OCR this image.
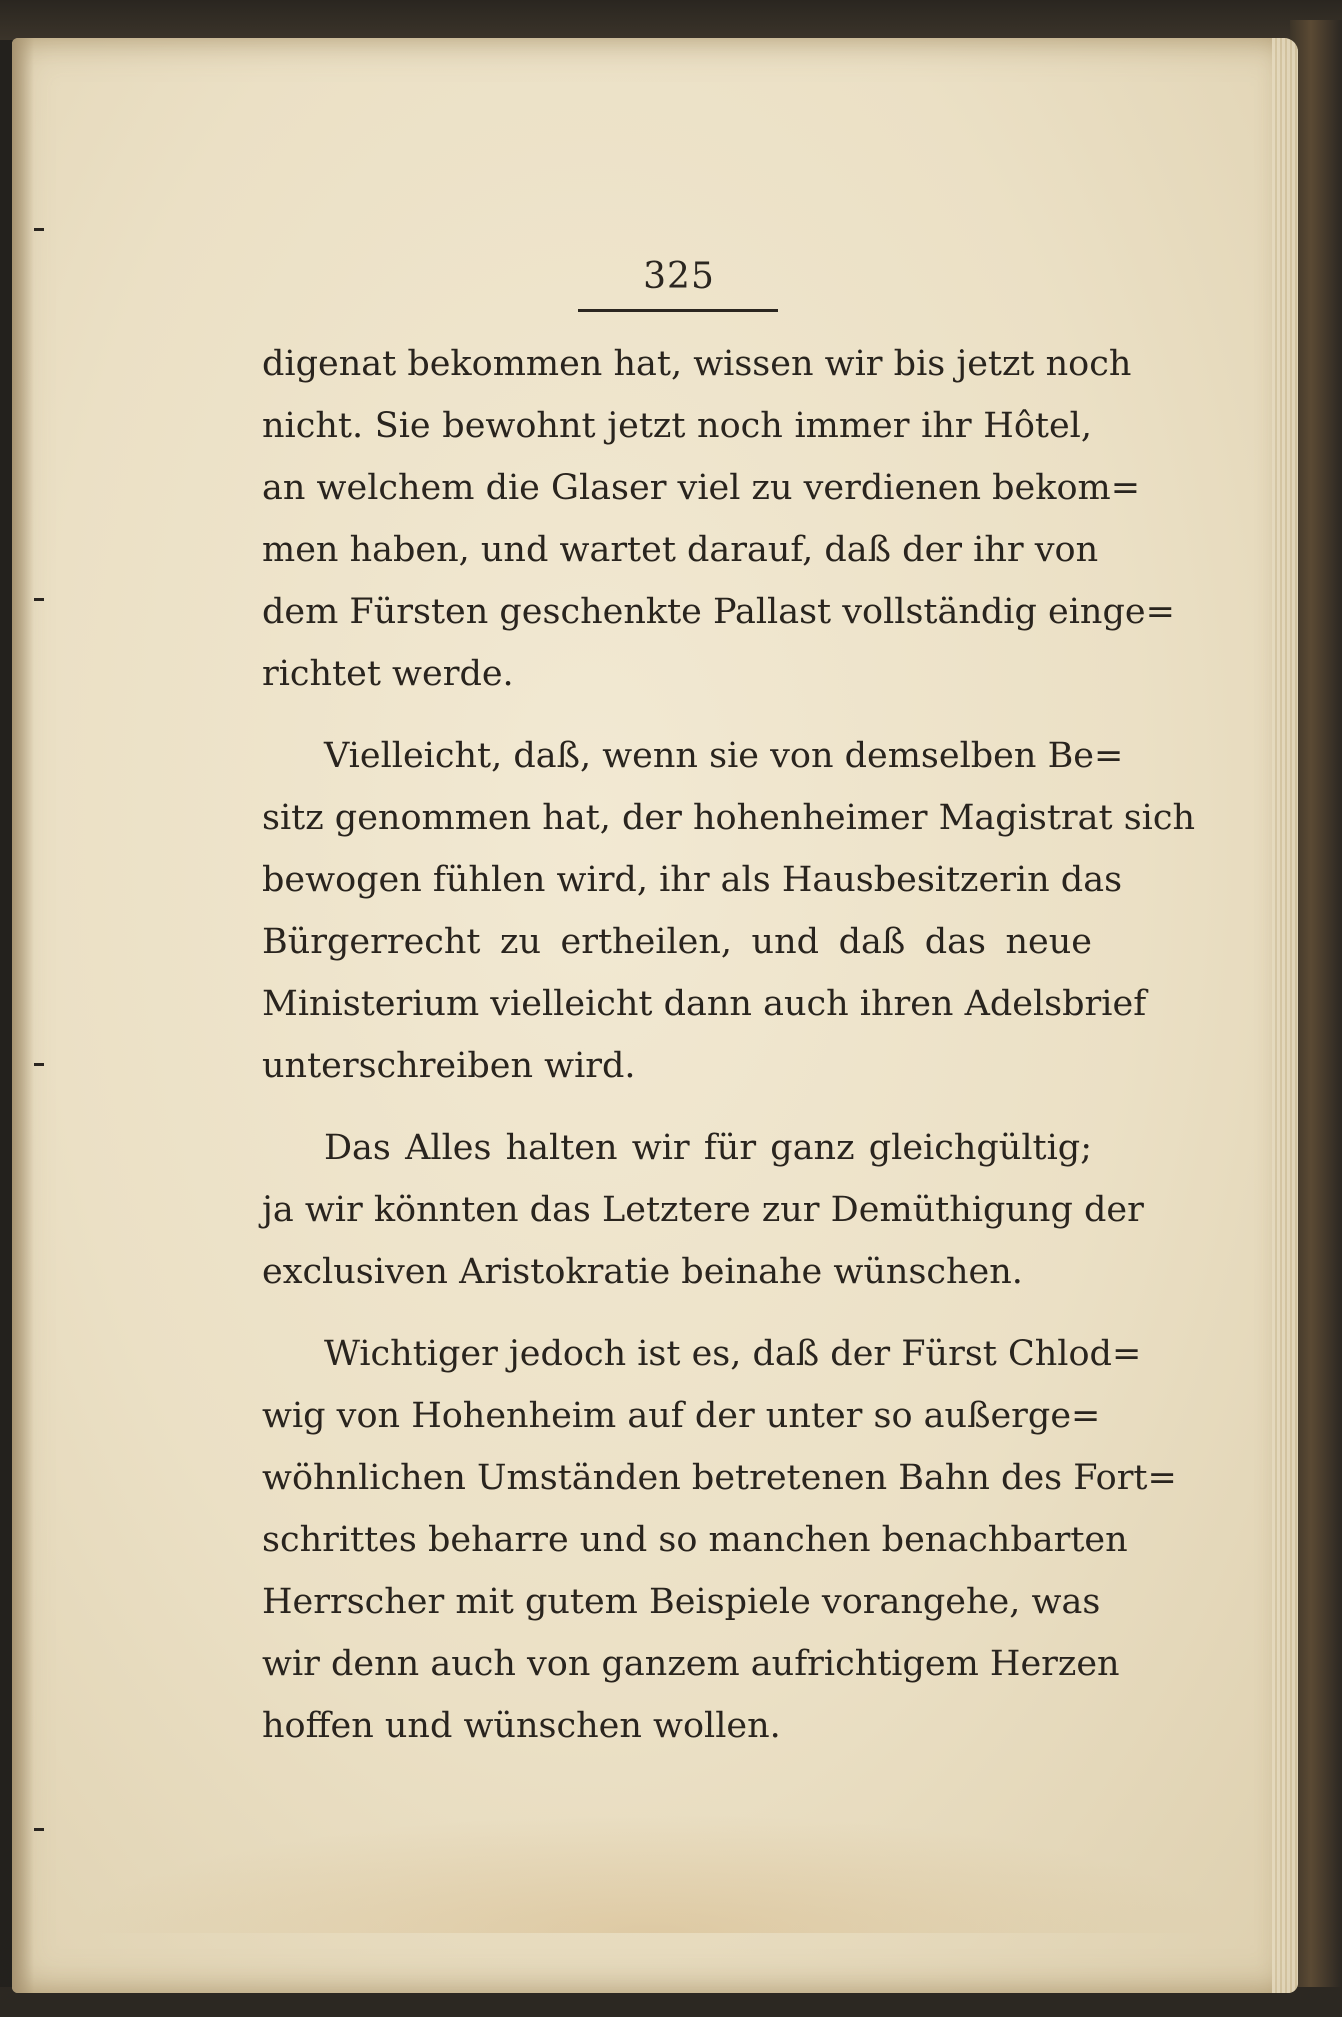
325
digenat bekommen hat, wissen wir bis jetzt noch
nicht. Sie bewohnt jetzt noch immer ihr Hôtel,
an welchem die Glaser viel zu verdienen bekom=
men haben, und wartet darauf, daß der ihr von
dem Fürsten geschenkte Pallast vollständig einge=
richtet werde.
Vielleicht, daß, wenn sie von demselben Be=
sitz genommen hat, der hohenheimer Magistrat sich
bewogen fühlen wird, ihr als Hausbesitzerin das
Bürgerrecht zu ertheilen, und daß das neue
Ministerium vielleicht dann auch ihren Adelsbrief
unterschreiben wird.
Das Alles halten wir für ganz gleichgültig;
ja wir könnten das Letztere zur Demüthigung der
exclusiven Aristokratie beinahe wünschen.
Wichtiger jedoch ist es, daß der Fürst Chlod=
wig von Hohenheim auf der unter so außerge=
wöhnlichen Umständen betretenen Bahn des Fort=
schrittes beharre und so manchen benachbarten
Herrscher mit gutem Beispiele vorangehe, was
wir denn auch von ganzem aufrichtigem Herzen
hoffen und wünschen wollen.
